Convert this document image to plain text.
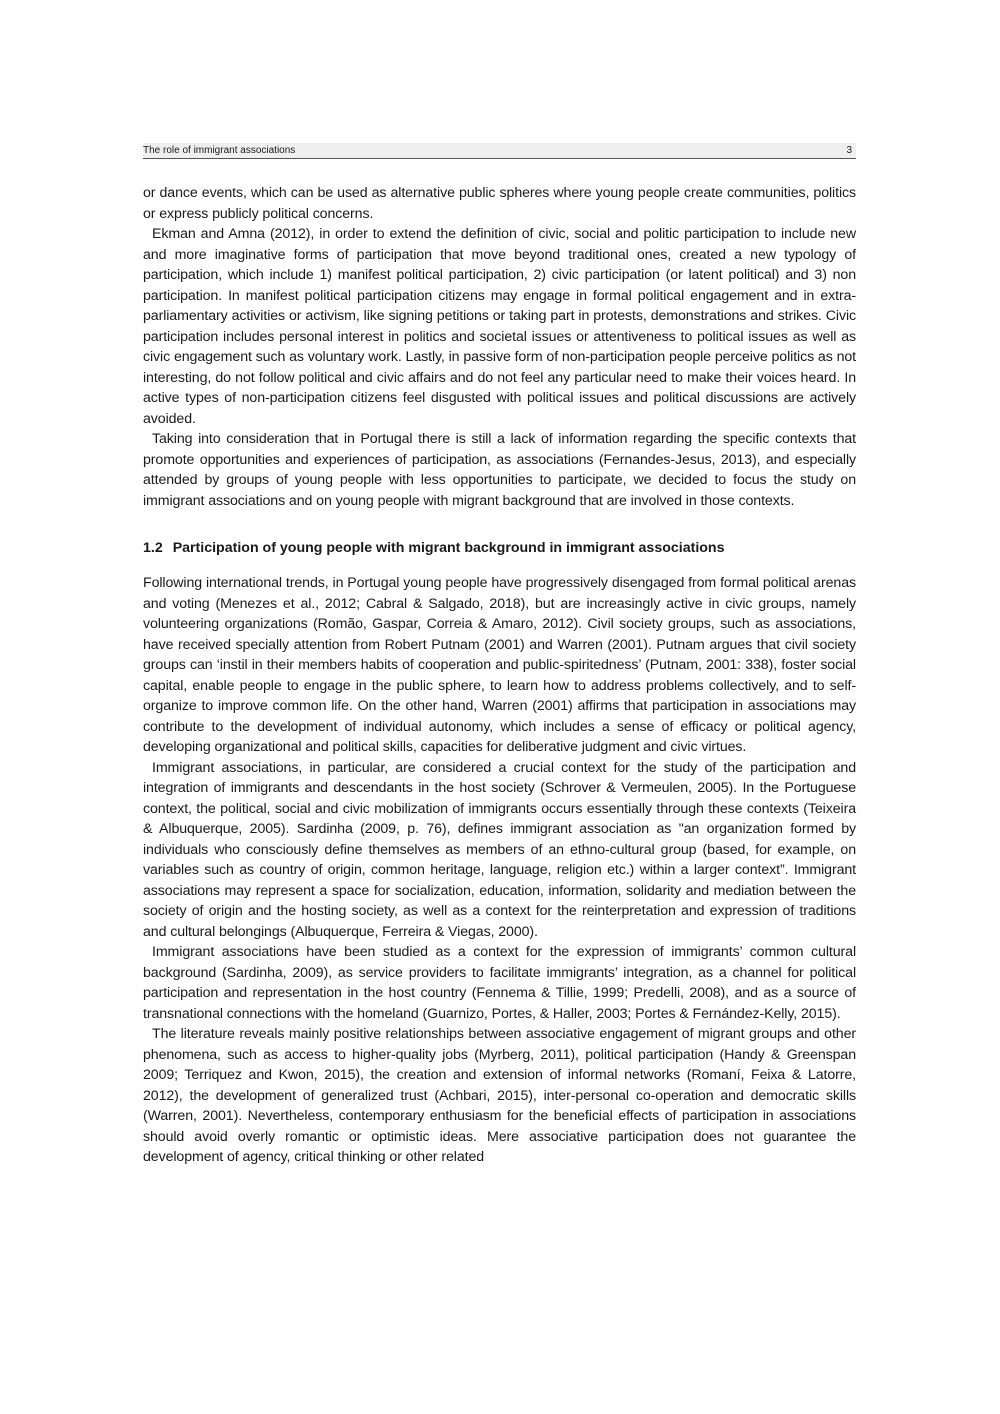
The role of immigrant associations	3

or dance events, which can be used as alternative public spheres where young people create communities, politics or express publicly political concerns.

Ekman and Amna (2012), in order to extend the definition of civic, social and politic participation to include new and more imaginative forms of participation that move beyond traditional ones, created a new typology of participation, which include 1) manifest political participation, 2) civic participation (or latent political) and 3) non participation. In manifest political participation citizens may engage in formal political engagement and in extra-parliamentary activities or activism, like signing petitions or taking part in protests, demonstrations and strikes. Civic participation includes personal interest in politics and societal issues or attentiveness to political issues as well as civic engagement such as voluntary work. Lastly, in passive form of non-participation people perceive politics as not interesting, do not follow political and civic affairs and do not feel any particular need to make their voices heard. In active types of non-participation citizens feel disgusted with political issues and political discussions are actively avoided.

Taking into consideration that in Portugal there is still a lack of information regarding the specific contexts that promote opportunities and experiences of participation, as associations (Fernandes-Jesus, 2013), and especially attended by groups of young people with less opportunities to participate, we decided to focus the study on immigrant associations and on young people with migrant background that are involved in those contexts.

1.2 Participation of young people with migrant background in immigrant associations

Following international trends, in Portugal young people have progressively disengaged from formal political arenas and voting (Menezes et al., 2012; Cabral & Salgado, 2018), but are increasingly active in civic groups, namely volunteering organizations (Romão, Gaspar, Correia & Amaro, 2012). Civil society groups, such as associations, have received specially attention from Robert Putnam (2001) and Warren (2001). Putnam argues that civil society groups can ‘instil in their members habits of cooperation and public-spiritedness’ (Putnam, 2001: 338), foster social capital, enable people to engage in the public sphere, to learn how to address problems collectively, and to self-organize to improve common life. On the other hand, Warren (2001) affirms that participation in associations may contribute to the development of individual autonomy, which includes a sense of efficacy or political agency, developing organizational and political skills, capacities for deliberative judgment and civic virtues.

Immigrant associations, in particular, are considered a crucial context for the study of the participation and integration of immigrants and descendants in the host society (Schrover & Vermeulen, 2005). In the Portuguese context, the political, social and civic mobilization of immigrants occurs essentially through these contexts (Teixeira & Albuquerque, 2005). Sardinha (2009, p. 76), defines immigrant association as "an organization formed by individuals who consciously define themselves as members of an ethno-cultural group (based, for example, on variables such as country of origin, common heritage, language, religion etc.) within a larger context”. Immigrant associations may represent a space for socialization, education, information, solidarity and mediation between the society of origin and the hosting society, as well as a context for the reinterpretation and expression of traditions and cultural belongings (Albuquerque, Ferreira & Viegas, 2000).

Immigrant associations have been studied as a context for the expression of immigrants’ common cultural background (Sardinha, 2009), as service providers to facilitate immigrants’ integration, as a channel for political participation and representation in the host country (Fennema & Tillie, 1999; Predelli, 2008), and as a source of transnational connections with the homeland (Guarnizo, Portes, & Haller, 2003; Portes & Fernández-Kelly, 2015).

The literature reveals mainly positive relationships between associative engagement of migrant groups and other phenomena, such as access to higher-quality jobs (Myrberg, 2011), political participation (Handy & Greenspan 2009; Terriquez and Kwon, 2015), the creation and extension of informal networks (Romaní, Feixa & Latorre, 2012), the development of generalized trust (Achbari, 2015), inter-personal co-operation and democratic skills (Warren, 2001). Nevertheless, contemporary enthusiasm for the beneficial effects of participation in associations should avoid overly romantic or optimistic ideas. Mere associative participation does not guarantee the development of agency, critical thinking or other related
